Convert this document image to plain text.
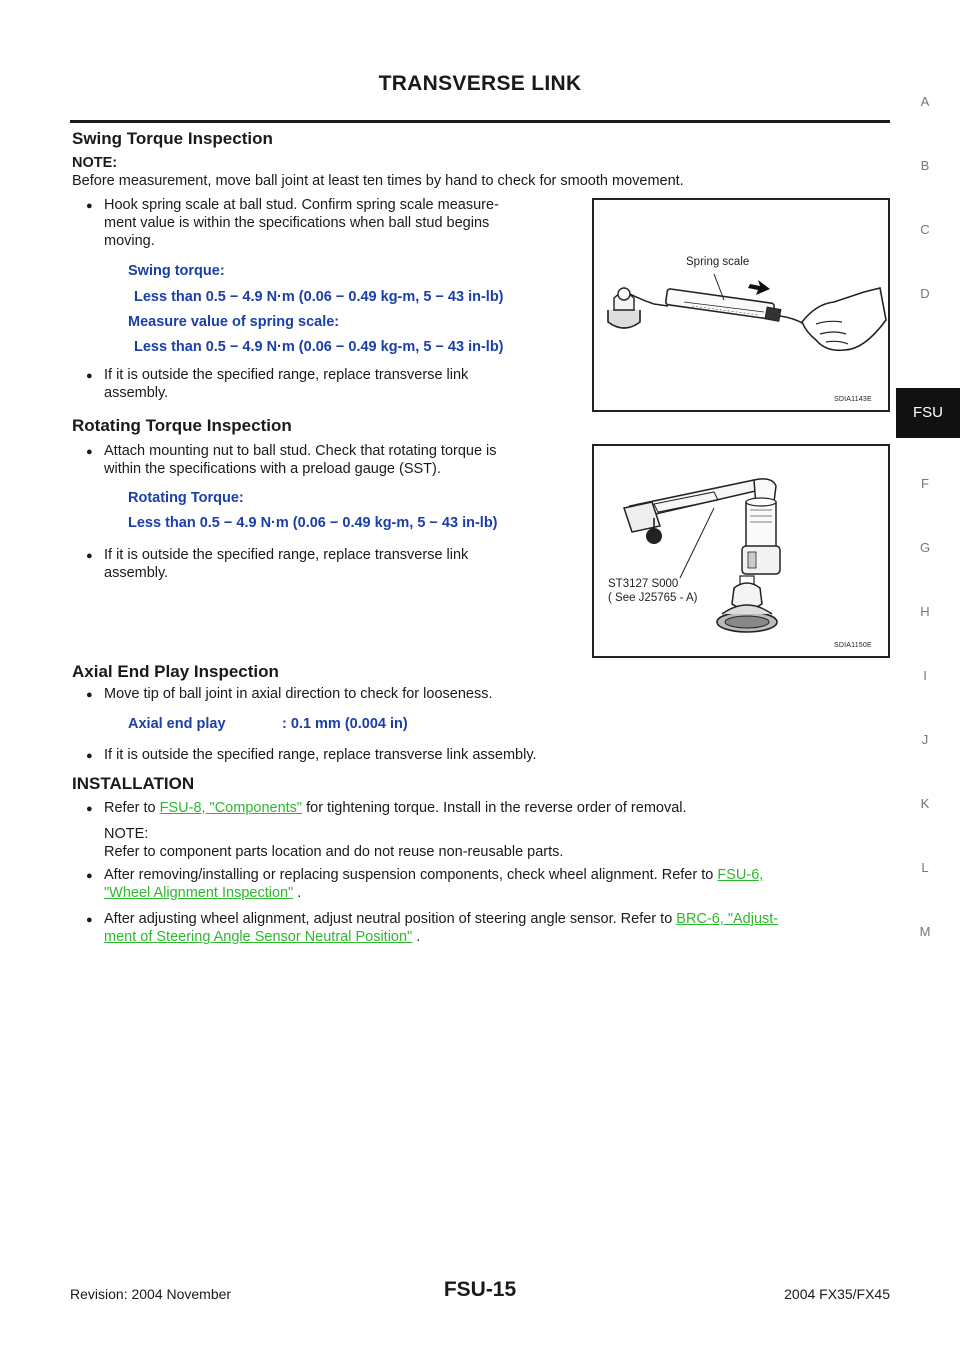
TRANSVERSE LINK
A
B
C
D
FSU
F
G
H
I
J
K
L
M
Swing Torque Inspection
NOTE:
Before measurement, move ball joint at least ten times by hand to check for smooth movement.
● Hook spring scale at ball stud. Confirm spring scale measure-
ment value is within the specifications when ball stud begins
moving.
Swing torque:
Less than 0.5 − 4.9 N·m (0.06 − 0.49 kg-m, 5 − 43 in-lb)
Measure value of spring scale:
Less than 0.5 − 4.9 N·m (0.06 − 0.49 kg-m, 5 − 43 in-lb)
● If it is outside the specified range, replace transverse link
assembly.
Spring scale
SDIA1143E
Rotating Torque Inspection
● Attach mounting nut to ball stud. Check that rotating torque is
within the specifications with a preload gauge (SST).
Rotating Torque:
Less than 0.5 − 4.9 N·m (0.06 − 0.49 kg-m, 5 − 43 in-lb)
● If it is outside the specified range, replace transverse link
assembly.
ST3127 S000
( See J25765 - A)
SDIA1150E
Axial End Play Inspection
● Move tip of ball joint in axial direction to check for looseness.
Axial end play	: 0.1 mm (0.004 in)
● If it is outside the specified range, replace transverse link assembly.
INSTALLATION
● Refer to FSU-8, "Components" for tightening torque. Install in the reverse order of removal.
NOTE:
Refer to component parts location and do not reuse non-reusable parts.
● After removing/installing or replacing suspension components, check wheel alignment. Refer to FSU-6,
"Wheel Alignment Inspection" .
● After adjusting wheel alignment, adjust neutral position of steering angle sensor. Refer to BRC-6, "Adjust-
ment of Steering Angle Sensor Neutral Position" .
Revision: 2004 November	FSU-15	2004 FX35/FX45
